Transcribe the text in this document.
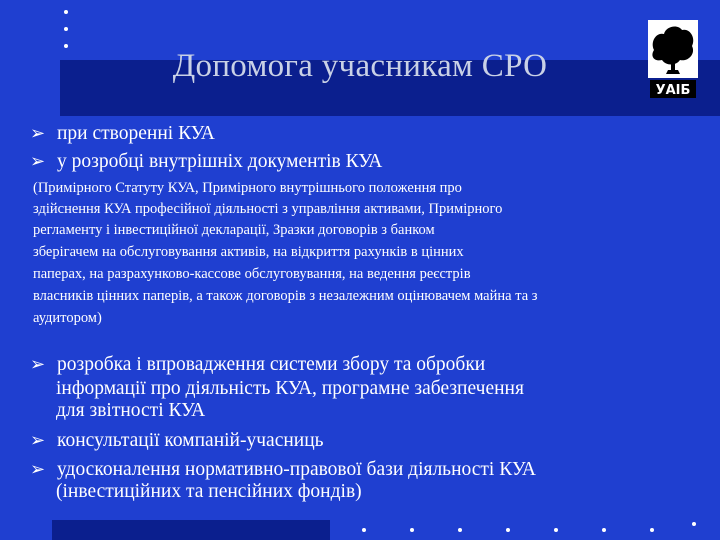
Допомога учасникам СРО
УАІБ
➢ при створенні КУА
➢ у розробці внутрішніх документів КУА
(Примірного Статуту КУА, Примірного внутрішнього положення про
здійснення КУА професійної діяльності з управління активами, Примірного
регламенту і інвестиційної декларації, Зразки договорів з банком
зберігачем на обслуговування активів, на відкриття рахунків в цінних
паперах, на разрахунково-кассове обслуговування, на ведення реєстрів
власників цінних паперів, а також договорів з незалежним оцінювачем майна та з
аудитором)
➢ розробка і впровадження системи збору та обробки
інформації про діяльність КУА, програмне забезпечення
для звітності КУА
➢ консультації компаній-учасниць
➢ удосконалення нормативно-правової бази діяльності КУА
(інвестиційних та пенсійних фондів)
